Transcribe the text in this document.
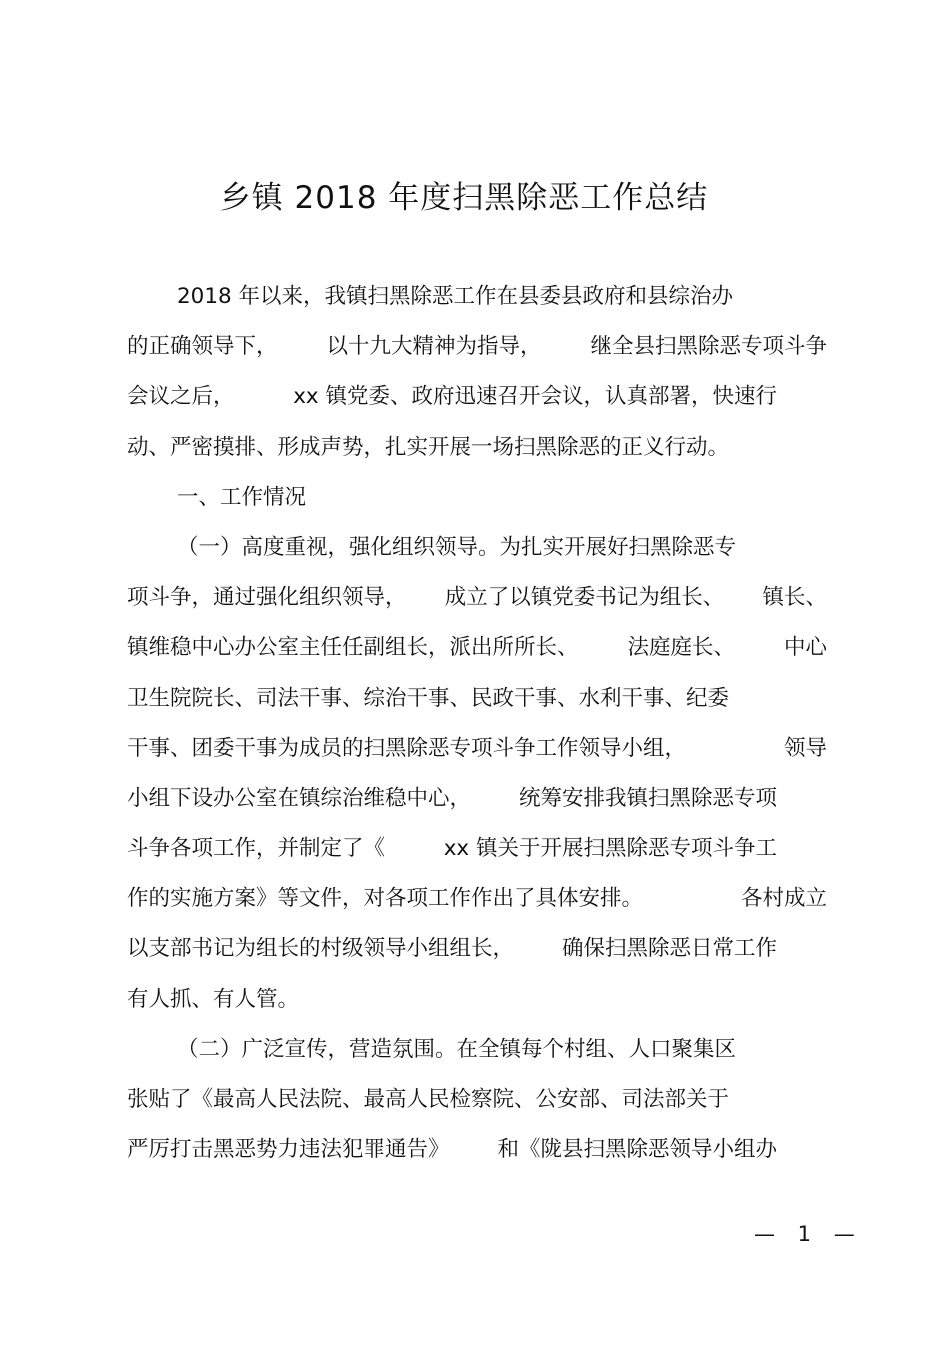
乡镇 2018 年度扫黑除恶工作总结
2018 年以来，我镇扫黑除恶工作在县委县政府和县综治办
的正确领导下， 以十九大精神为指导， 继全县扫黑除恶专项斗争
会议之后，	xx 镇党委、政府迅速召开会议，认真部署，快速行
动、严密摸排、形成声势，扎实开展一场扫黑除恶的正义行动。
一、工作情况
（一）高度重视，强化组织领导。为扎实开展好扫黑除恶专
项斗争，通过强化组织领导， 成立了以镇党委书记为组长、 镇长、
镇维稳中心办公室主任任副组长，派出所所长、 法庭庭长、 中心
卫生院院长、司法干事、综治干事、民政干事、水利干事、纪委
干事、团委干事为成员的扫黑除恶专项斗争工作领导小组，	领导
小组下设办公室在镇综治维稳中心， 统筹安排我镇扫黑除恶专项
斗争各项工作，并制定了《	xx 镇关于开展扫黑除恶专项斗争工
作的实施方案》等文件，对各项工作作出了具体安排。	各村成立
以支部书记为组长的村级领导小组组长， 确保扫黑除恶日常工作
有人抓、有人管。
（二）广泛宣传，营造氛围。在全镇每个村组、人口聚集区
张贴了《最高人民法院、最高人民检察院、公安部、司法部关于
严厉打击黑恶势力违法犯罪通告》 和《陇县扫黑除恶领导小组办
— 1 —
